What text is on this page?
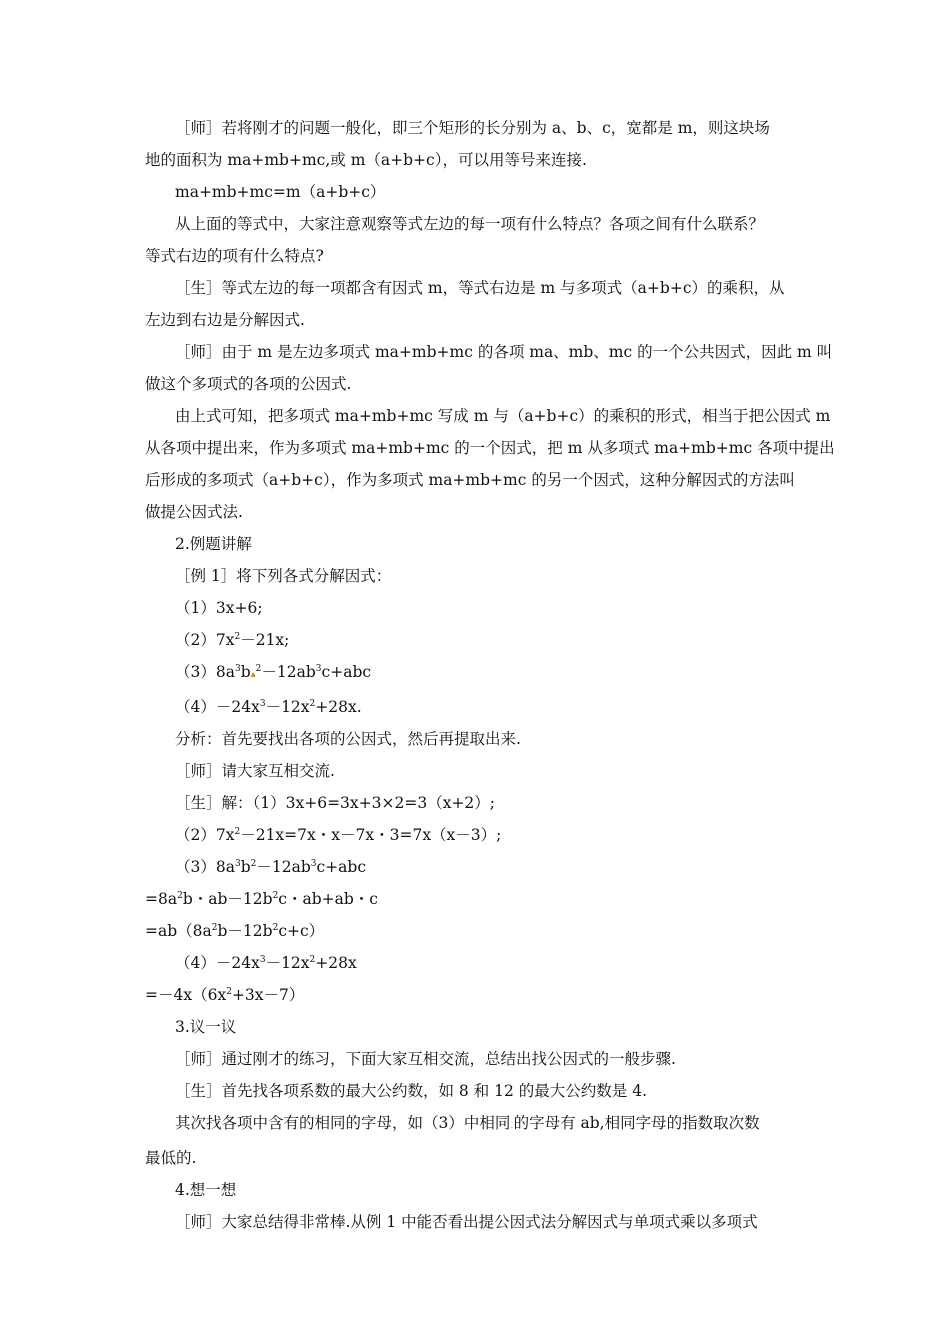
［师］若将刚才的问题一般化，即三个矩形的长分别为 a、b、c，宽都是 m，则这块场

地的面积为 ma+mb+mc,或 m（a+b+c），可以用等号来连接.

ma+mb+mc=m（a+b+c）

从上面的等式中，大家注意观察等式左边的每一项有什么特点？各项之间有什么联系？

等式右边的项有什么特点?

［生］等式左边的每一项都含有因式 m，等式右边是 m 与多项式（a+b+c）的乘积，从

左边到右边是分解因式.

［师］由于 m 是左边多项式 ma+mb+mc 的各项 ma、mb、mc 的一个公共因式，因此 m 叫

做这个多项式的各项的公因式.

由上式可知，把多项式 ma+mb+mc 写成 m 与（a+b+c）的乘积的形式，相当于把公因式 m

从各项中提出来，作为多项式 ma+mb+mc 的一个因式，把 m 从多项式 ma+mb+mc 各项中提出

后形成的多项式（a+b+c），作为多项式 ma+mb+mc 的另一个因式，这种分解因式的方法叫

做提公因式法.

2.例题讲解

［例 1］将下列各式分解因式：

（1）3x+6;

$(2)7x^2-21x$;

$(3)8a^3b▴^2-12ab^3c+abc$

$(4)-24x^3-12x^2+28x$.

分析：首先要找出各项的公因式，然后再提取出来.

［师］请大家互相交流.

［生］解：（1）3x+6=3x+3×2=3（x+2）;

$(2)7x^2-21x=7x$・x－7x・3=7x（x－3）;

$(3)8a^3b^2-12ab^3c+abc$

$=8a^2b$・$ab-12b^2c$・ab+ab・c

$=ab(8a^2b-12b^2c+c)$

$(4)-24x^3-12x^2+28x$

$=-4x(6x^2+3x-7)$

3.议一议

［师］通过刚才的练习，下面大家互相交流，总结出找公因式的一般步骤.

［生］首先找各项系数的最大公约数，如 8 和 12 的最大公约数是 4.

其次找各项中含有的相同的字母，如（3）中相同.的字母有 ab,相同字母的指数取次数

最低的.

4.想一想

［师］大家总结得非常棒.从例 1 中能否看出提公因式法分解因式与单项式乘以多项式
